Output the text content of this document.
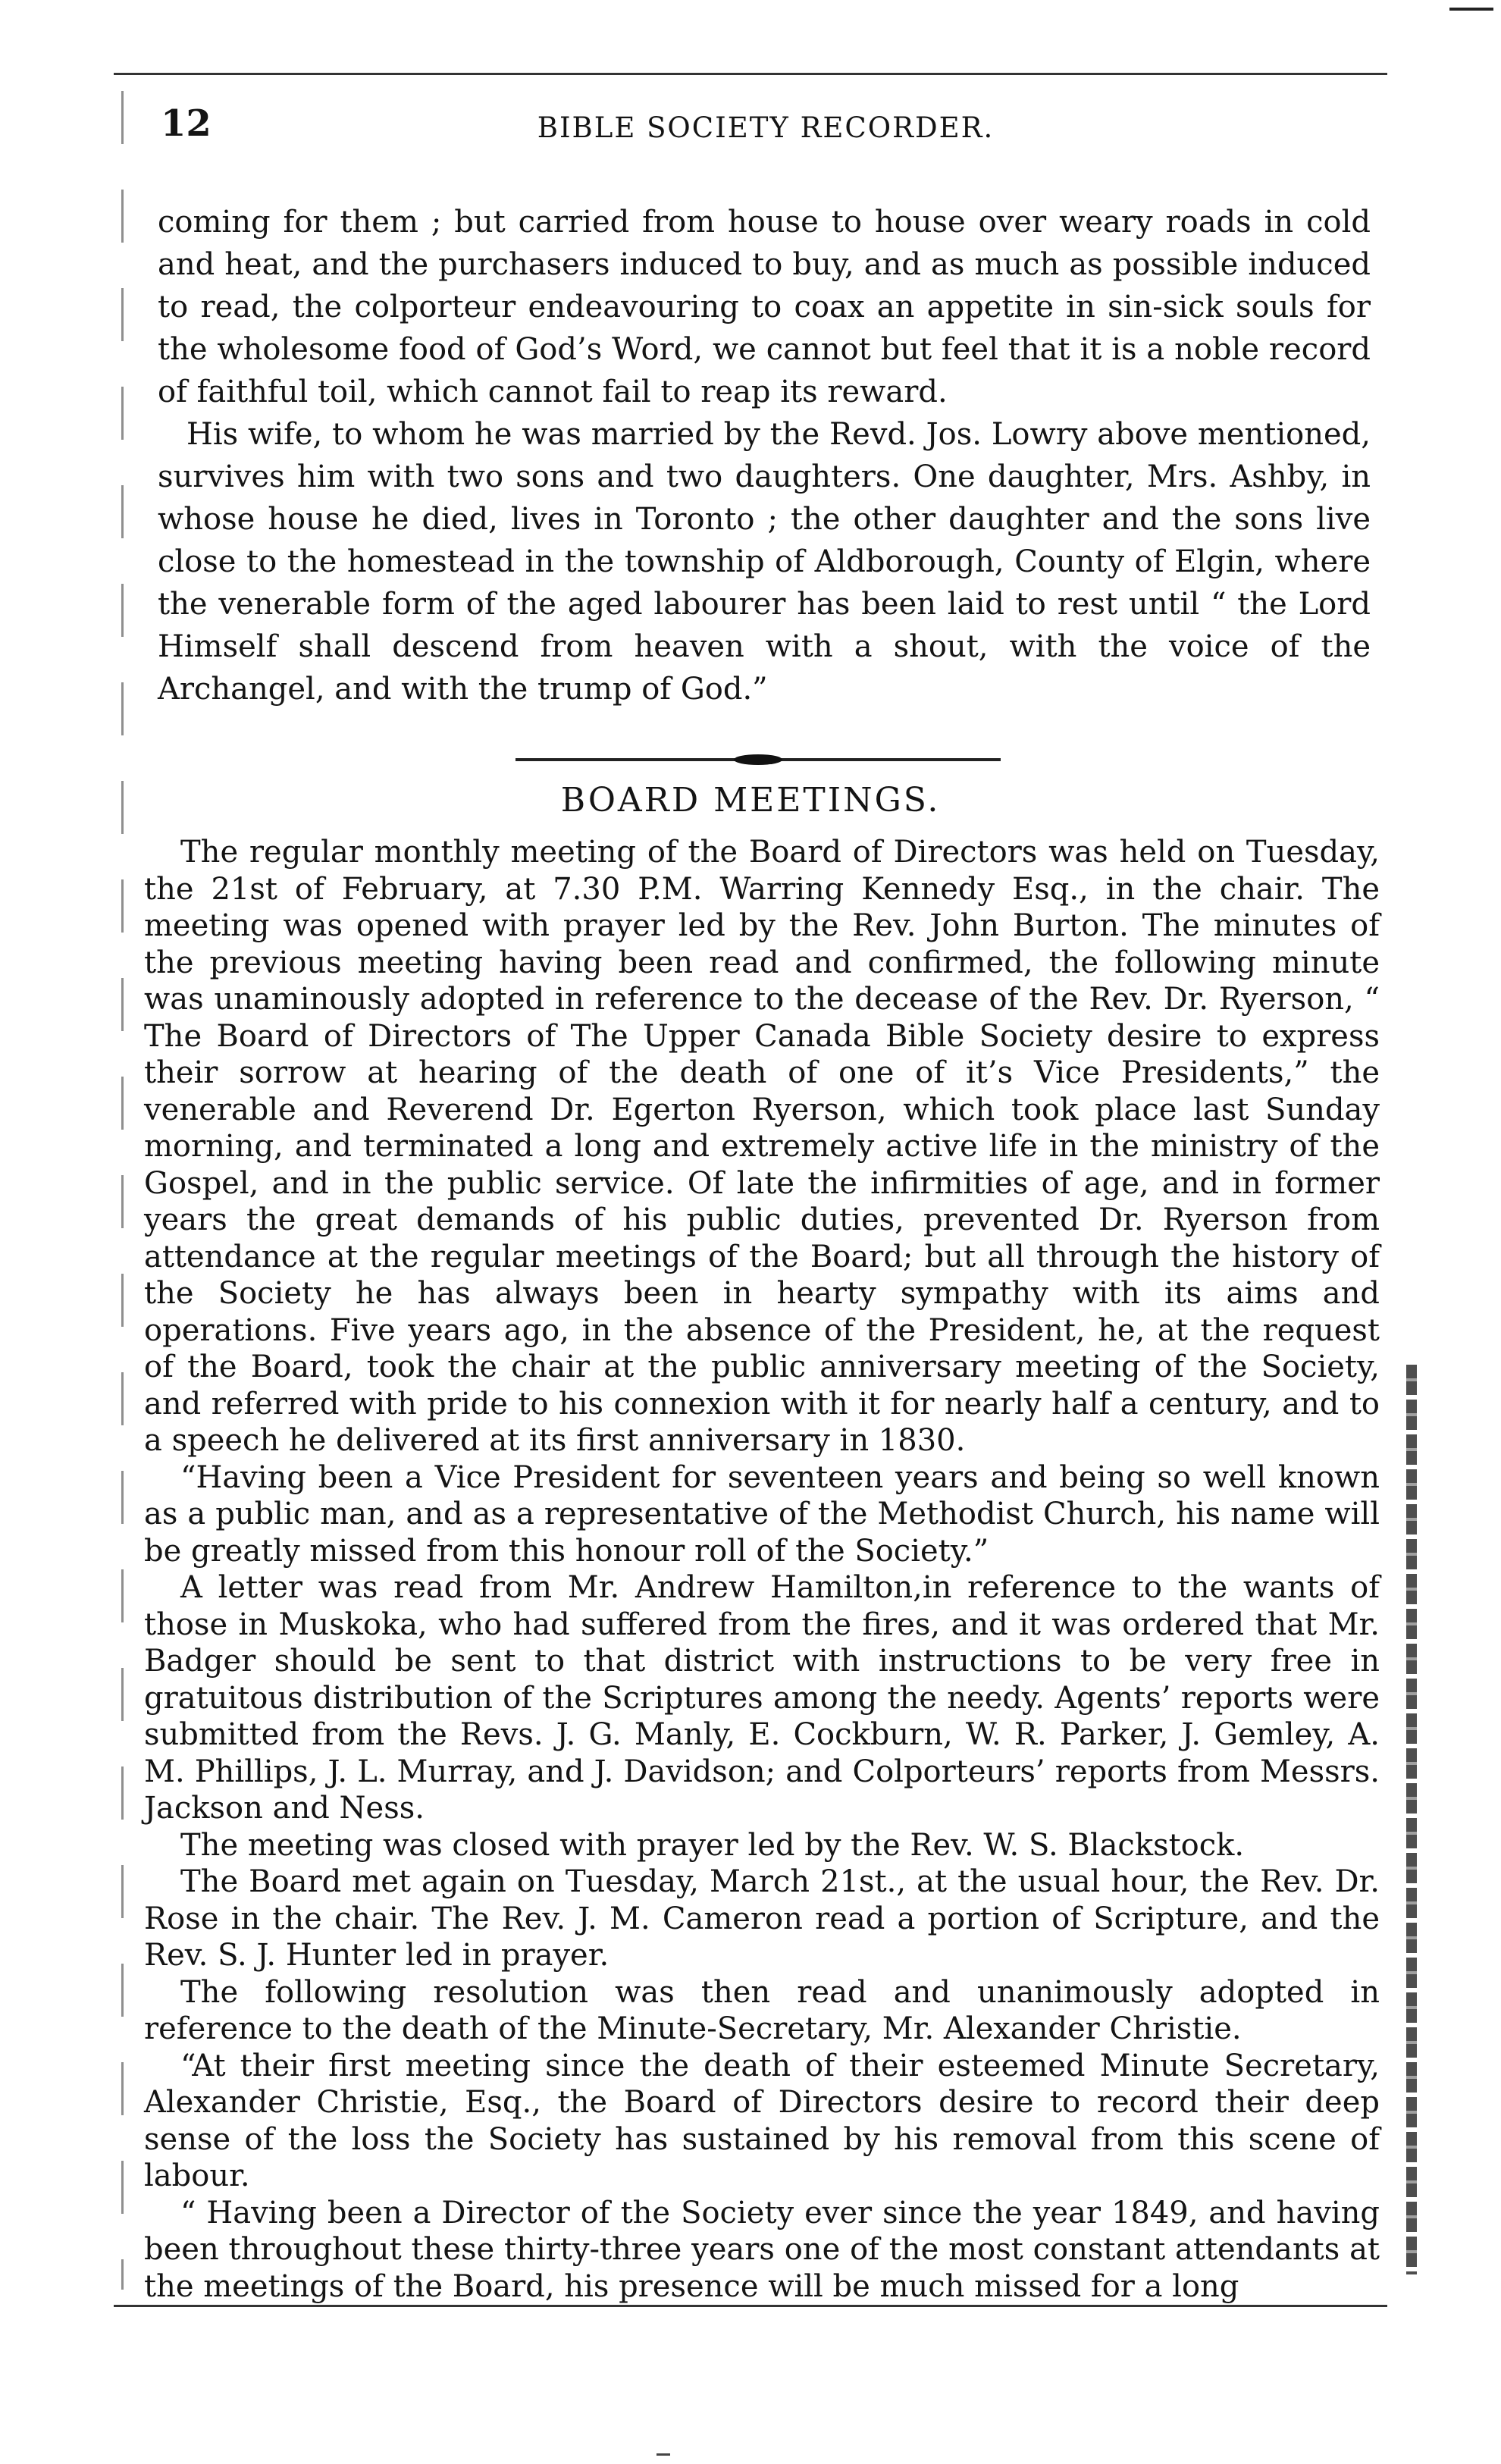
12	BIBLE SOCIETY RECORDER.

coming for them ; but carried from house to house over weary roads in cold and heat, and the purchasers induced to buy, and as much as possible induced to read, the colporteur endeavouring to coax an appetite in sin-sick souls for the wholesome food of God’s Word, we cannot but feel that it is a noble record of faithful toil, which cannot fail to reap its reward.

His wife, to whom he was married by the Revd. Jos. Lowry above mentioned, survives him with two sons and two daughters. One daughter, Mrs. Ashby, in whose house he died, lives in Toronto ; the other daughter and the sons live close to the homestead in the township of Aldborough, County of Elgin, where the venerable form of the aged labourer has been laid to rest until “ the Lord Himself shall descend from heaven with a shout, with the voice of the Archangel, and with the trump of God.”

BOARD MEETINGS.

The regular monthly meeting of the Board of Directors was held on Tuesday, the 21st of February, at 7.30 P.M. Warring Kennedy Esq., in the chair. The meeting was opened with prayer led by the Rev. John Burton. The minutes of the previous meeting having been read and confirmed, the following minute was unaminously adopted in reference to the decease of the Rev. Dr. Ryerson, “ The Board of Directors of The Upper Canada Bible Society desire to express their sorrow at hearing of the death of one of it’s Vice Presidents,” the venerable and Reverend Dr. Egerton Ryerson, which took place last Sunday morning, and terminated a long and extremely active life in the ministry of the Gospel, and in the public service. Of late the infirmities of age, and in former years the great demands of his public duties, prevented Dr. Ryerson from attendance at the regular meetings of the Board; but all through the history of the Society he has always been in hearty sympathy with its aims and operations. Five years ago, in the absence of the President, he, at the request of the Board, took the chair at the public anniversary meeting of the Society, and referred with pride to his connexion with it for nearly half a century, and to a speech he delivered at its first anniversary in 1830.

“Having been a Vice President for seventeen years and being so well known as a public man, and as a representative of the Methodist Church, his name will be greatly missed from this honour roll of the Society.”

A letter was read from Mr. Andrew Hamilton,in reference to the wants of those in Muskoka, who had suffered from the fires, and it was ordered that Mr. Badger should be sent to that district with instructions to be very free in gratuitous distribution of the Scriptures among the needy. Agents’ reports were submitted from the Revs. J. G. Manly, E. Cockburn, W. R. Parker, J. Gemley, A. M. Phillips, J. L. Murray, and J. Davidson; and Colporteurs’ reports from Messrs. Jackson and Ness.

The meeting was closed with prayer led by the Rev. W. S. Blackstock.

The Board met again on Tuesday, March 21st., at the usual hour, the Rev. Dr. Rose in the chair. The Rev. J. M. Cameron read a portion of Scripture, and the Rev. S. J. Hunter led in prayer.

The following resolution was then read and unanimously adopted in reference to the death of the Minute-Secretary, Mr. Alexander Christie.

“At their first meeting since the death of their esteemed Minute Secretary, Alexander Christie, Esq., the Board of Directors desire to record their deep sense of the loss the Society has sustained by his removal from this scene of labour.

“ Having been a Director of the Society ever since the year 1849, and having been throughout these thirty-three years one of the most constant attendants at the meetings of the Board, his presence will be much missed for a long
